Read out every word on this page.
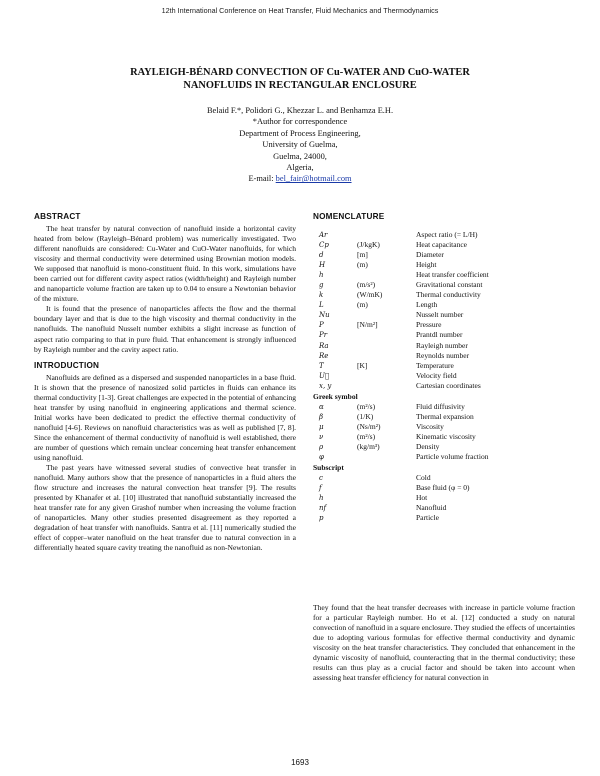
12th International Conference on Heat Transfer, Fluid Mechanics and Thermodynamics
RAYLEIGH-BÉNARD CONVECTION OF Cu-WATER AND CuO-WATER
NANOFLUIDS IN RECTANGULAR ENCLOSURE
Belaid F.*, Polidori G., Khezzar L. and Benhamza E.H.
*Author for correspondence
Department of Process Engineering,
University of Guelma,
Guelma, 24000,
Algeria,
E-mail: bel_fair@hotmail.com
ABSTRACT

The heat transfer by natural convection of nanofluid inside a horizontal cavity heated from below (Rayleigh–Bénard problem) was numerically investigated. Two different nanofluids are considered: Cu-Water and CuO-Water nanofluids, for which viscosity and thermal conductivity were determined using Brownian motion models. We supposed that nanofluid is mono-constituent fluid. In this work, simulations have been carried out for different cavity aspect ratios (width/height) and Rayleigh number and nanoparticle volume fraction are taken up to 0.04 to ensure a Newtonian behavior of the mixture.

It is found that the presence of nanoparticles affects the flow and the thermal boundary layer and that is due to the high viscosity and thermal conductivity in the nanofluids. The nanofluid Nusselt number exhibits a slight increase as function of aspect ratio comparing to that in pure fluid. That enhancement is strongly influenced by Rayleigh number and the cavity aspect ratio.

INTRODUCTION

Nanofluids are defined as a dispersed and suspended nanoparticles in a base fluid. It is shown that the presence of nanosized solid particles in fluids can enhance its thermal conductivity [1-3]. Great challenges are expected in the potential of enhancing heat transfer by using nanofluid in engineering applications and thermal science. Initial works have been dedicated to predict the effective thermal conductivity of nanofluid [4-6]. Reviews on nanofluid characteristics was as well as published [7, 8]. Since the enhancement of thermal conductivity of nanofluid is well established, there are number of questions which remain unclear concerning heat transfer enhancement using nanofluid.

The past years have witnessed several studies of convective heat transfer in nanofluid. Many authors show that the presence of nanoparticles in a fluid alters the flow structure and increases the natural convection heat transfer [9]. The results presented by Khanafer et al. [10] illustrated that nanofluid substantially increased the heat transfer rate for any given Grashof number when increasing the volume fraction of nanoparticles. Many other studies presented disagreement as they reported a degradation of heat transfer with nanofluids. Santra et al. [11] numerically studied the effect of copper–water nanofluid on the heat transfer due to natural convection in a differentially heated square cavity treating the nanofluid as non-Newtonian.

NOMENCLATURE
Ar		Aspect ratio (= L/H)
Cp	(J/kgK)	Heat capacitance
d	[m]	Diameter
H	(m)	Height
h		Heat transfer coefficient
g	(m/s²)	Gravitational constant
k	(W/mK)	Thermal conductivity
L	(m)	Length
Nu		Nusselt number
P	[N/m²]	Pressure
Pr		Prantdl number
Ra		Rayleigh number
Re		Reynolds number
T	[K]	Temperature
U⃗		Velocity field
x, y		Cartesian coordinates
Greek symbol		
α	(m²/s)	Fluid diffusivity
β	(1/K)	Thermal expansion
μ	(Ns/m²)	Viscosity
ν	(m²/s)	Kinematic viscosity
ρ	(kg/m³)	Density
φ		Particle volume fraction
Subscript		
c		Cold
f		Base fluid (φ = 0)
h		Hot
nf		Nanofluid
p		Particle

They found that the heat transfer decreases with increase in particle volume fraction for a particular Rayleigh number. Ho et al. [12] conducted a study on natural convection of nanofluid in a square enclosure. They studied the effects of uncertainties due to adopting various formulas for effective thermal conductivity and dynamic viscosity on the heat transfer characteristics. They concluded that enhancement in the dynamic viscosity of nanofluid, counteracting that in the thermal conductivity; these results can thus play as a crucial factor and should be taken into account when assessing heat transfer efficiency for natural convection in

1693
